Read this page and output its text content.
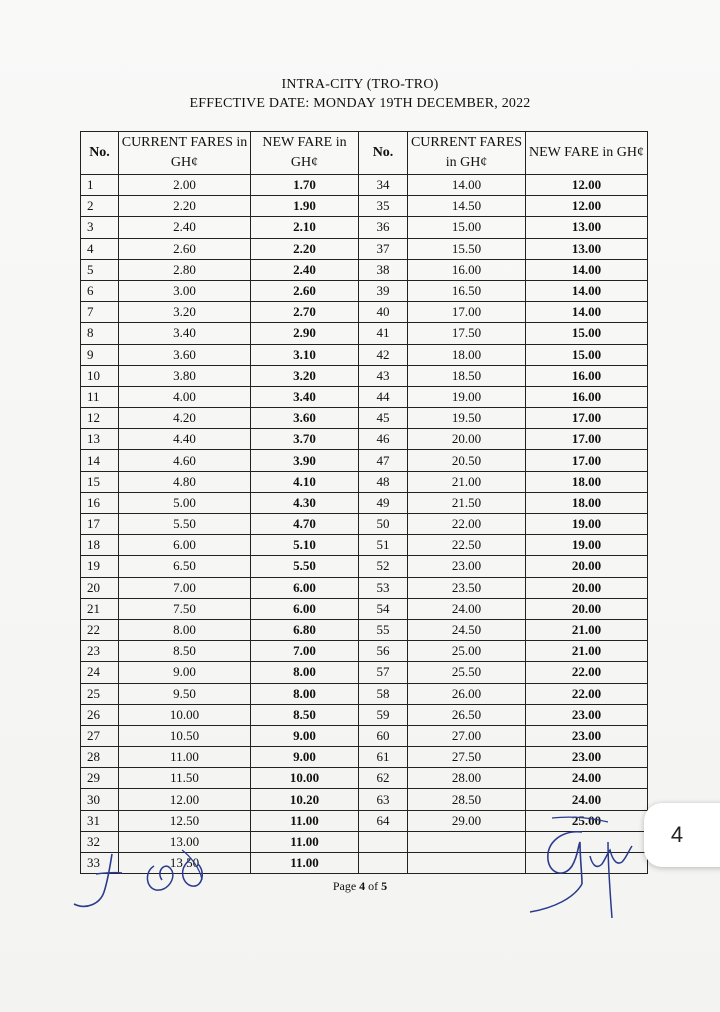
INTRA-CITY (TRO-TRO)
EFFECTIVE DATE: MONDAY 19TH DECEMBER, 2022
No.	CURRENT FARES in GH¢	NEW FARE in GH¢	No.	CURRENT FARES in GH¢	NEW FARE in GH¢
1	2.00	1.70	34	14.00	12.00
2	2.20	1.90	35	14.50	12.00
3	2.40	2.10	36	15.00	13.00
4	2.60	2.20	37	15.50	13.00
5	2.80	2.40	38	16.00	14.00
6	3.00	2.60	39	16.50	14.00
7	3.20	2.70	40	17.00	14.00
8	3.40	2.90	41	17.50	15.00
9	3.60	3.10	42	18.00	15.00
10	3.80	3.20	43	18.50	16.00
11	4.00	3.40	44	19.00	16.00
12	4.20	3.60	45	19.50	17.00
13	4.40	3.70	46	20.00	17.00
14	4.60	3.90	47	20.50	17.00
15	4.80	4.10	48	21.00	18.00
16	5.00	4.30	49	21.50	18.00
17	5.50	4.70	50	22.00	19.00
18	6.00	5.10	51	22.50	19.00
19	6.50	5.50	52	23.00	20.00
20	7.00	6.00	53	23.50	20.00
21	7.50	6.00	54	24.00	20.00
22	8.00	6.80	55	24.50	21.00
23	8.50	7.00	56	25.00	21.00
24	9.00	8.00	57	25.50	22.00
25	9.50	8.00	58	26.00	22.00
26	10.00	8.50	59	26.50	23.00
27	10.50	9.00	60	27.00	23.00
28	11.00	9.00	61	27.50	23.00
29	11.50	10.00	62	28.00	24.00
30	12.00	10.20	63	28.50	24.00
31	12.50	11.00	64	29.00	25.00
32	13.00	11.00			
33	13.50	11.00			
Page 4 of 5
4
